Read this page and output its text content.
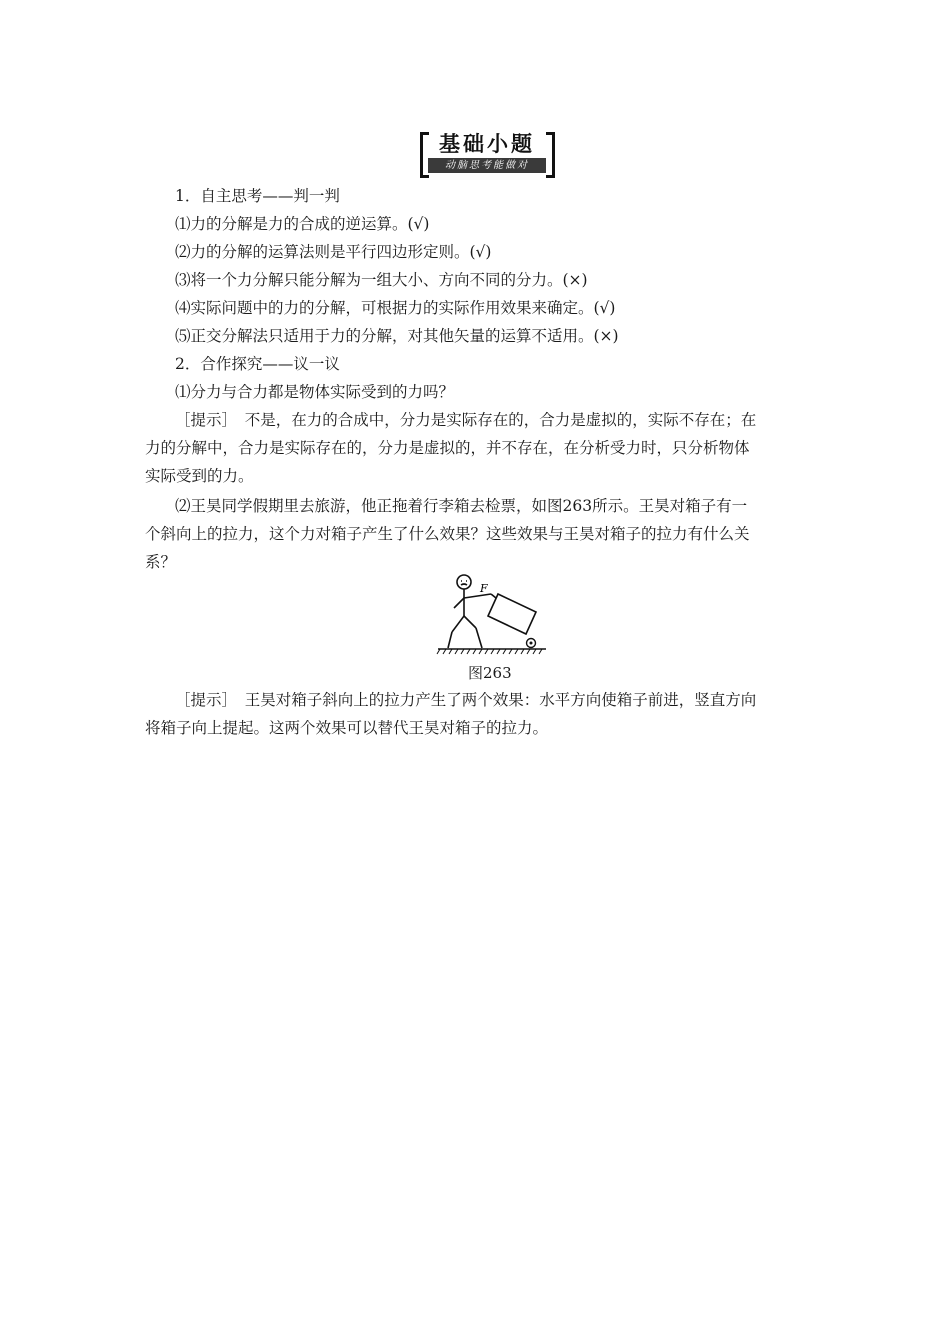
基础小题
动脑思考能做对
1．自主思考——判一判
⑴力的分解是力的合成的逆运算。(√)
⑵力的分解的运算法则是平行四边形定则。(√)
⑶将一个力分解只能分解为一组大小、方向不同的分力。(×)
⑷实际问题中的力的分解，可根据力的实际作用效果来确定。(√)
⑸正交分解法只适用于力的分解，对其他矢量的运算不适用。(×)
2．合作探究——议一议
⑴分力与合力都是物体实际受到的力吗？
［提示］　不是，在力的合成中，分力是实际存在的，合力是虚拟的，实际不存在；在
力的分解中，合力是实际存在的，分力是虚拟的，并不存在，在分析受力时，只分析物体
实际受到的力。
⑵王昊同学假期里去旅游，他正拖着行李箱去检票，如图263所示。王昊对箱子有一
个斜向上的拉力，这个力对箱子产生了什么效果？这些效果与王昊对箱子的拉力有什么关
系？
F
图263
［提示］　王昊对箱子斜向上的拉力产生了两个效果：水平方向使箱子前进，竖直方向
将箱子向上提起。这两个效果可以替代王昊对箱子的拉力。
